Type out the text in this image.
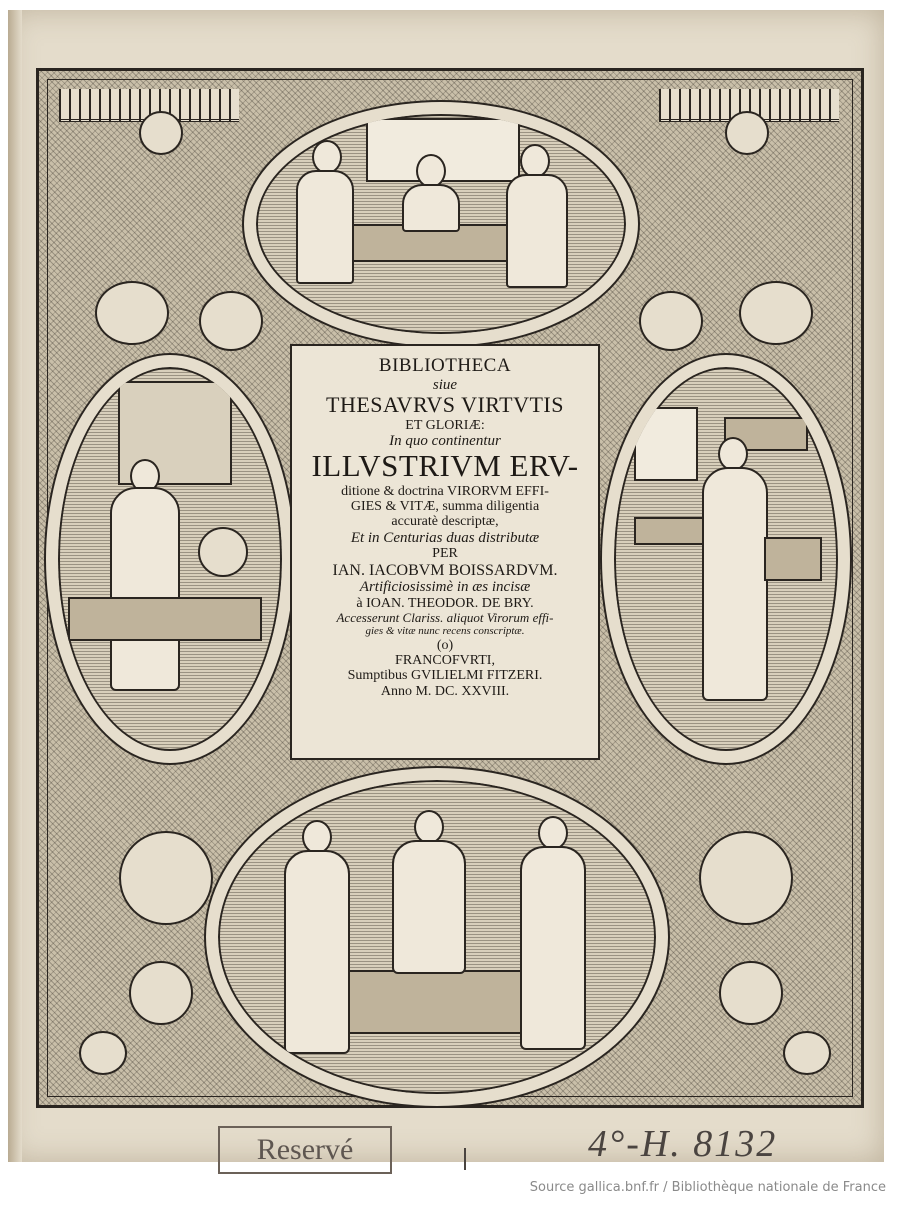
BIBLIOTHECA
siue
THESAVRVS VIRTVTIS
ET GLORIÆ:
In quo continentur
ILLVSTRIVM ERV-
ditione & doctrina VIRORVM EFFI-
GIES & VITÆ, summa diligentia
accuratè descriptæ,
Et in Centurias duas distributæ
PER
IAN. IACOBVM BOISSARDVM.
Artificiosissimè in æs incisæ
à IOAN. THEODOR. DE BRY.
Accesserunt Clariss. aliquot Virorum effi-
gies & vitæ nunc recens conscriptæ.
(o)
FRANCOFVRTI,
Sumptibus GVILIELMI FITZERI.
Anno M. DC. XXVIII.
Reservé	4°-H. 8132
Source gallica.bnf.fr / Bibliothèque nationale de France
